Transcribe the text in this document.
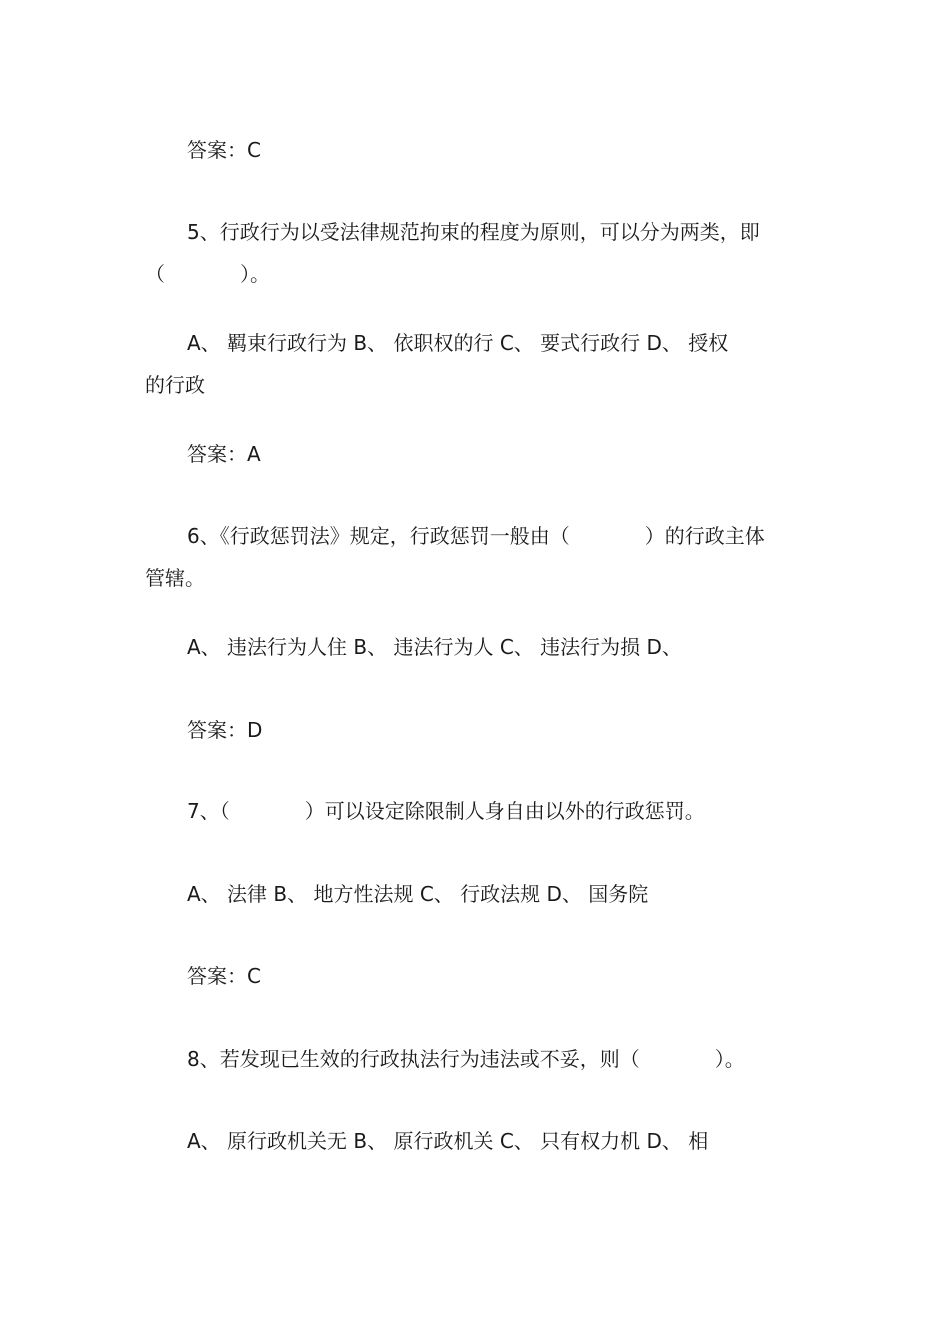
答案：C
5、行政行为以受法律规范拘束的程度为原则，可以分为两类，即
（	）。
A、 羁束行政行为 B、 依职权的行 C、 要式行政行 D、 授权
的行政
答案：A
6、《行政惩罚法》规定，行政惩罚一般由（	）的行政主体
管辖。
A、 违法行为人住 B、 违法行为人 C、 违法行为损 D、
答案：D
7、（	）可以设定除限制人身自由以外的行政惩罚。
A、 法律 B、 地方性法规 C、 行政法规 D、 国务院
答案：C
8、若发现已生效的行政执法行为违法或不妥，则（	）。
A、 原行政机关无 B、 原行政机关 C、 只有权力机 D、 相
